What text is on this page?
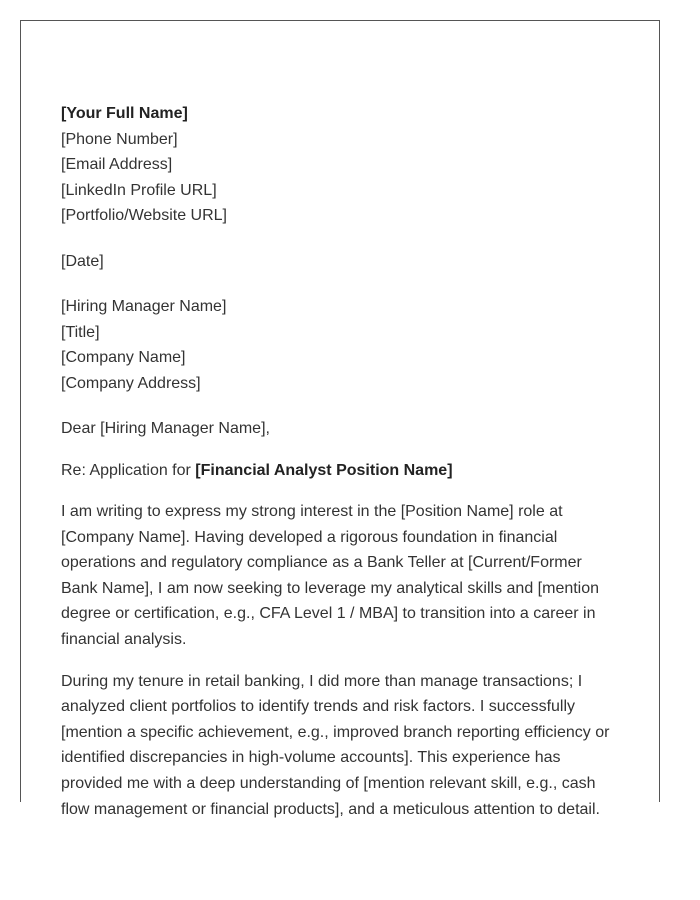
[Your Full Name]
[Phone Number]
[Email Address]
[LinkedIn Profile URL]
[Portfolio/Website URL]
[Date]
[Hiring Manager Name]
[Title]
[Company Name]
[Company Address]

Dear [Hiring Manager Name],

Re: Application for [Financial Analyst Position Name]

I am writing to express my strong interest in the [Position Name] role at [Company Name]. Having developed a rigorous foundation in financial operations and regulatory compliance as a Bank Teller at [Current/Former Bank Name], I am now seeking to leverage my analytical skills and [mention degree or certification, e.g., CFA Level 1 / MBA] to transition into a career in financial analysis.

During my tenure in retail banking, I did more than manage transactions; I analyzed client portfolios to identify trends and risk factors. I successfully [mention a specific achievement, e.g., improved branch reporting efficiency or identified discrepancies in high-volume accounts]. This experience has provided me with a deep understanding of [mention relevant skill, e.g., cash flow management or financial products], and a meticulous attention to detail.
